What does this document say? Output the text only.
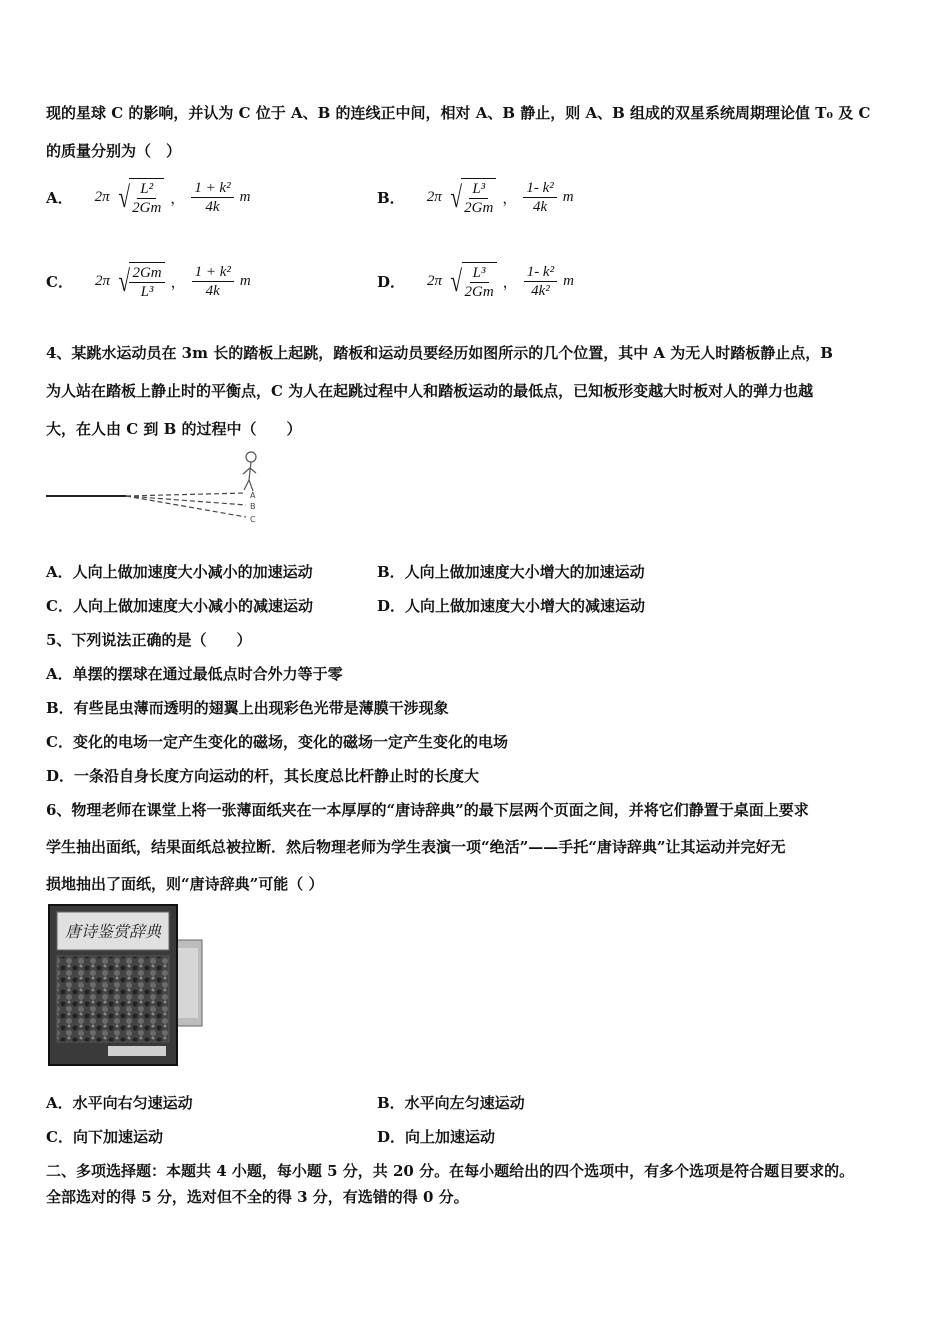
现的星球 C 的影响，并认为 C 位于 A、B 的连线正中间，相对 A、B 静止，则 A、B 组成的双星系统周期理论值 T₀ 及 C
的质量分别为（　）
A． 2π √ $\frac{\text{L²}}{2Gm}$ ， $\frac{\text{1 + k²}}{4k}$ m	B． 2π √ $\frac{\text{L³}}{2Gm}$ ， $\frac{\text{1- k²}}{4k}$ m
C． 2π √ $\frac{2Gm}{\text{L³}}$ ， $\frac{\text{1 + k²}}{4k}$ m	D． 2π √ $\frac{\text{L³}}{2Gm}$ ， $\frac{\text{1- k²}}{\text{4k²}}$ m
4、某跳水运动员在 3m 长的踏板上起跳，踏板和运动员要经历如图所示的几个位置，其中 A 为无人时踏板静止点，B
为人站在踏板上静止时的平衡点，C 为人在起跳过程中人和踏板运动的最低点，已知板形变越大时板对人的弹力也越
大，在人由 C 到 B 的过程中（　　）
A
B
C
A．人向上做加速度大小减小的加速运动	B．人向上做加速度大小增大的加速运动
C．人向上做加速度大小减小的减速运动	D．人向上做加速度大小增大的减速运动
5、下列说法正确的是（　　）
A．单摆的摆球在通过最低点时合外力等于零
B．有些昆虫薄而透明的翅翼上出现彩色光带是薄膜干涉现象
C．变化的电场一定产生变化的磁场，变化的磁场一定产生变化的电场
D．一条沿自身长度方向运动的杆，其长度总比杆静止时的长度大
6、物理老师在课堂上将一张薄面纸夹在一本厚厚的“唐诗辞典”的最下层两个页面之间，并将它们静置于桌面上要求
学生抽出面纸，结果面纸总被拉断．然后物理老师为学生表演一项“绝活”——手托“唐诗辞典”让其运动并完好无
损地抽出了面纸，则“唐诗辞典”可能（ ）
唐诗鉴赏辞典
A．水平向右匀速运动	B．水平向左匀速运动
C．向下加速运动	D．向上加速运动
二、多项选择题：本题共 4 小题，每小题 5 分，共 20 分。在每小题给出的四个选项中，有多个选项是符合题目要求的。
全部选对的得 5 分，选对但不全的得 3 分，有选错的得 0 分。
